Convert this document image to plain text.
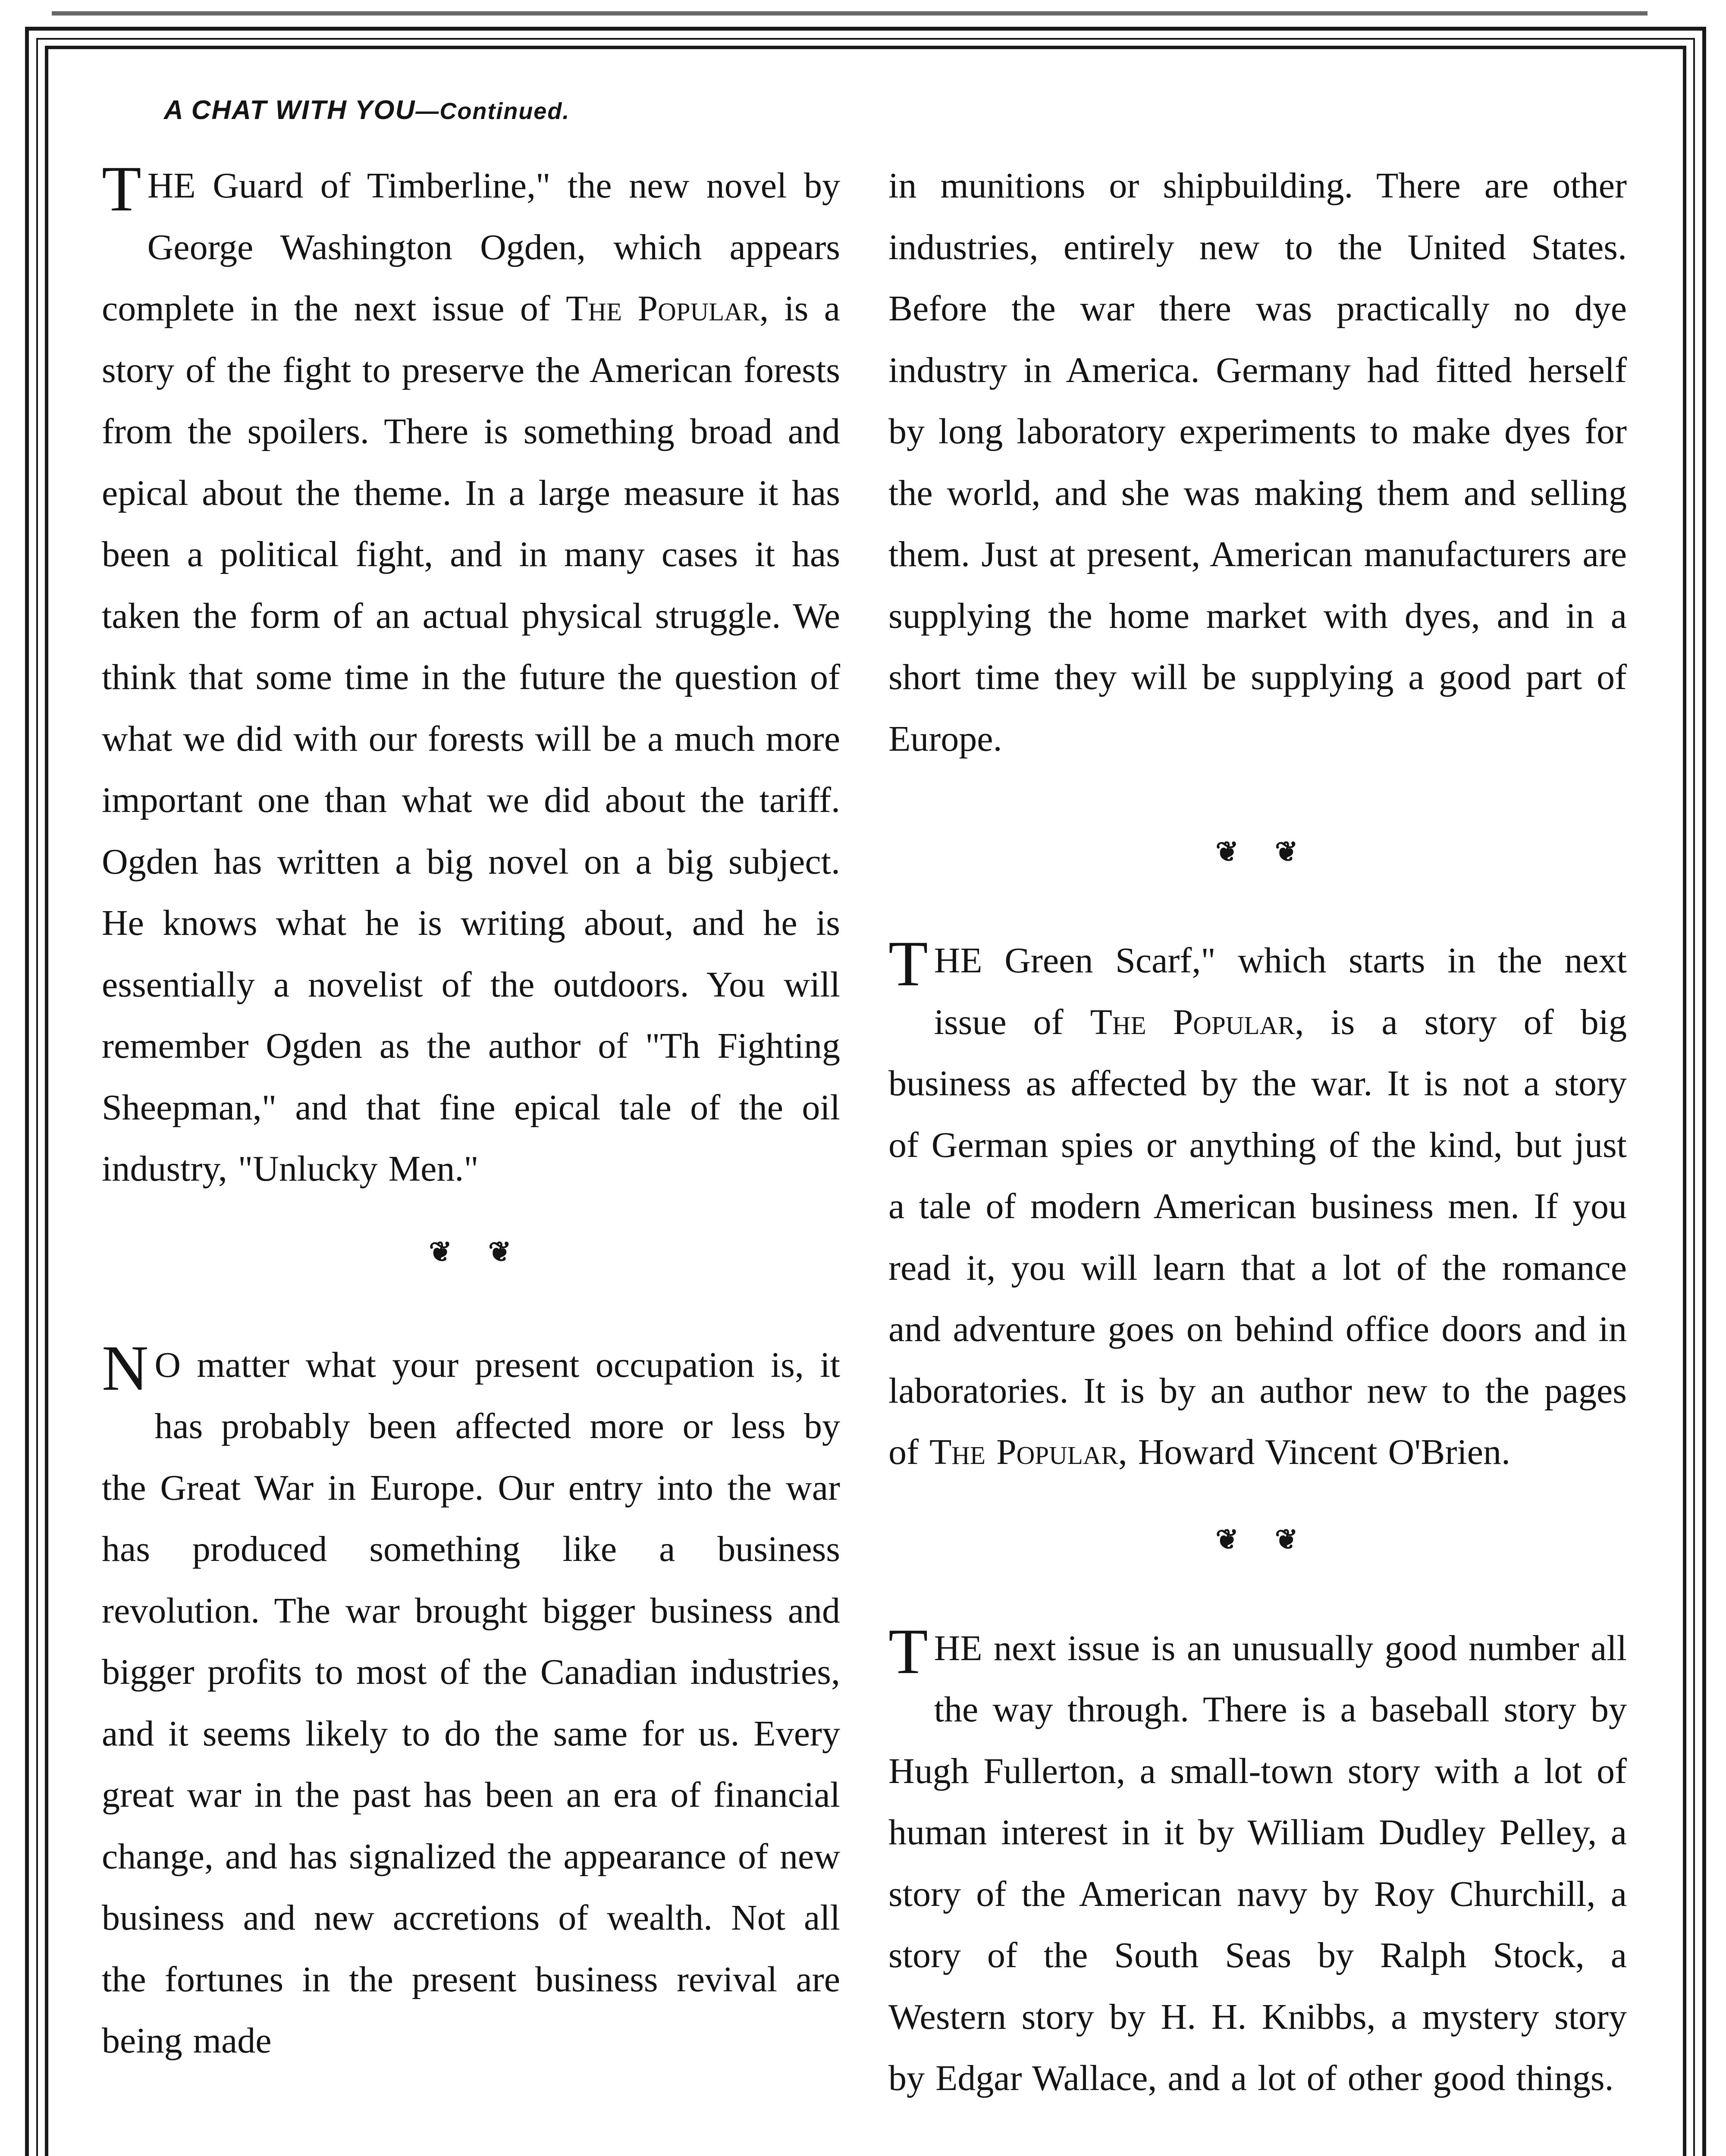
A CHAT WITH YOU—Continued.

THE Guard of Timberline," the new novel by George Washington Ogden, which appears complete in the next issue of The Popular, is a story of the fight to preserve the American forests from the spoilers. There is something broad and epical about the theme. In a large measure it has been a political fight, and in many cases it has taken the form of an actual physical struggle. We think that some time in the future the question of what we did with our forests will be a much more important one than what we did about the tariff. Ogden has written a big novel on a big subject. He knows what he is writing about, and he is essentially a novelist of the outdoors. You will remember Ogden as the author of "Th Fighting Sheepman," and that fine epical tale of the oil industry, "Unlucky Men."

❦ ❦

N O matter what your present occupation is, it has probably been affected more or less by the Great War in Europe. Our entry into the war has produced something like a business revolution. The war brought bigger business and bigger profits to most of the Canadian industries, and it seems likely to do the same for us. Every great war in the past has been an era of financial change, and has signalized the appearance of new business and new accretions of wealth. Not all the fortunes in the present business revival are being made

in munitions or shipbuilding. There are other industries, entirely new to the United States. Before the war there was practically no dye industry in America. Germany had fitted herself by long laboratory experiments to make dyes for the world, and she was making them and selling them. Just at present, American manufacturers are supplying the home market with dyes, and in a short time they will be supplying a good part of Europe.

❦ ❦

THE Green Scarf," which starts in the next issue of The Popular, is a story of big business as affected by the war. It is not a story of German spies or anything of the kind, but just a tale of modern American business men. If you read it, you will learn that a lot of the romance and adventure goes on behind office doors and in laboratories. It is by an author new to the pages of The Popular, Howard Vincent O'Brien.

❦ ❦

THE next issue is an unusually good number all the way through. There is a baseball story by Hugh Fullerton, a small-town story with a lot of human interest in it by William Dudley Pelley, a story of the American navy by Roy Churchill, a story of the South Seas by Ralph Stock, a Western story by H. H. Knibbs, a mystery story by Edgar Wallace, and a lot of other good things.
